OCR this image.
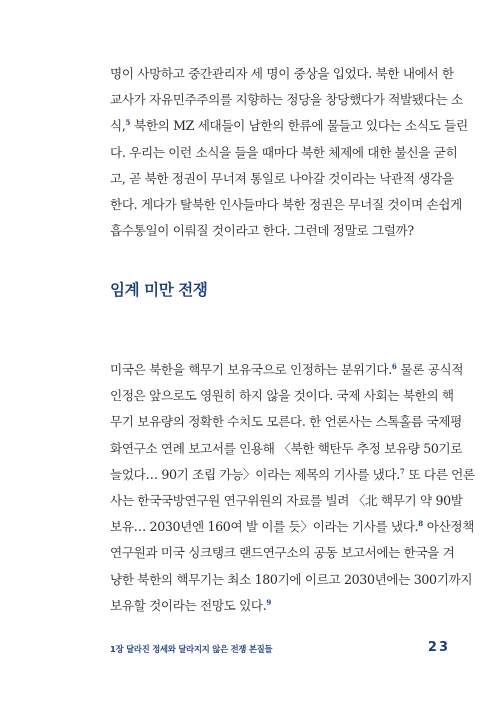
명이 사망하고 중간관리자 세 명이 중상을 입었다. 북한 내에서 한
교사가 자유민주주의를 지향하는 정당을 창당했다가 적발됐다는 소
식,$^5$ 북한의 MZ 세대들이 남한의 한류에 물들고 있다는 소식도 들린
다. 우리는 이런 소식을 들을 때마다 북한 체제에 대한 불신을 굳히
고, 곧 북한 정권이 무너져 통일로 나아갈 것이라는 낙관적 생각을
한다. 게다가 탈북한 인사들마다 북한 정권은 무너질 것이며 손쉽게
흡수통일이 이뤄질 것이라고 한다. 그런데 정말로 그럴까?
임계 미만 전쟁
미국은 북한을 핵무기 보유국으로 인정하는 분위기다.$^6$ 물론 공식적
인정은 앞으로도 영원히 하지 않을 것이다. 국제 사회는 북한의 핵
무기 보유량의 정확한 수치도 모른다. 한 언론사는 스톡홀름 국제평
화연구소 연례 보고서를 인용해 〈북한 핵탄두 추정 보유량 50기로
늘었다… 90기 조립 가능〉이라는 제목의 기사를 냈다.$^7$ 또 다른 언론
사는 한국국방연구원 연구위원의 자료를 빌려 〈北 핵무기 약 90발
보유… 2030년엔 160여 발 이를 듯〉이라는 기사를 냈다.$^8$ 아산정책
연구원과 미국 싱크탱크 랜드연구소의 공동 보고서에는 한국을 겨
냥한 북한의 핵무기는 최소 180기에 이르고 2030년에는 300기까지
보유할 것이라는 전망도 있다.$^9$
1장 달라진 정세와 달라지지 않은 전쟁 본질들	23
